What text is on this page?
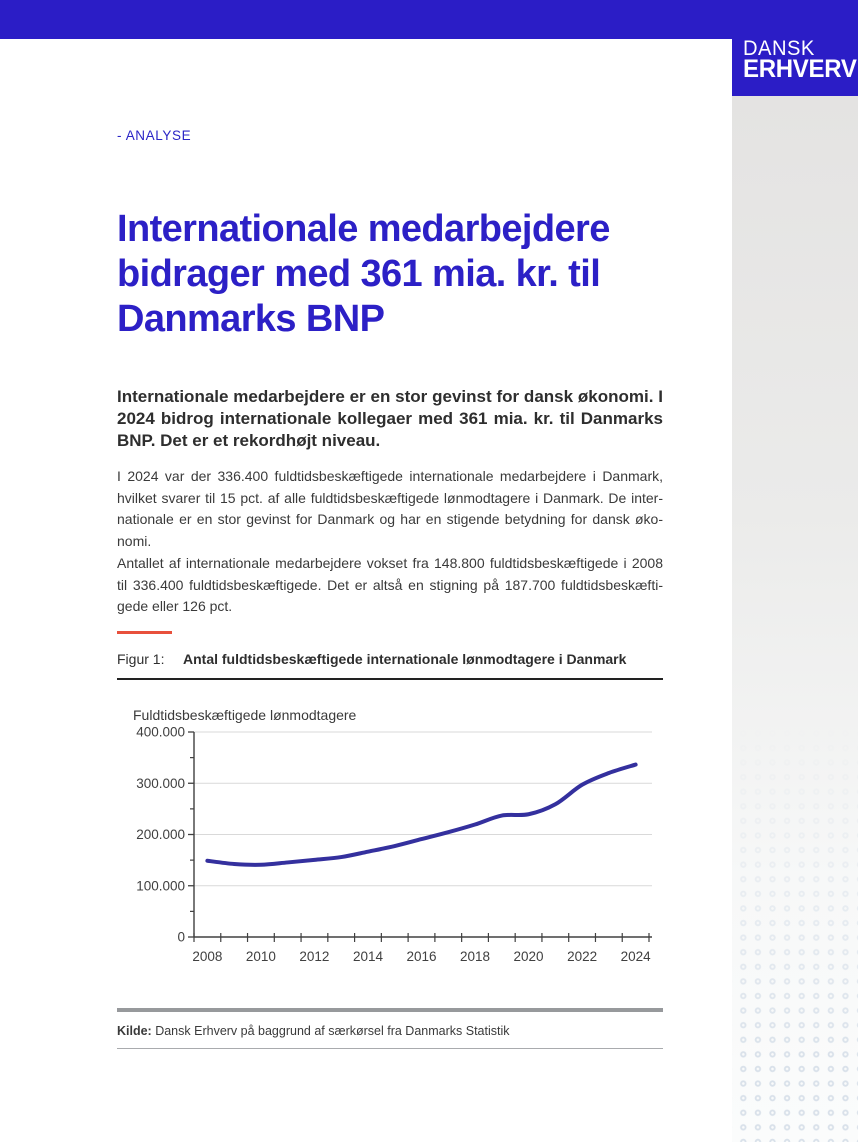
DANSK
ERHVERV
- ANALYSE
Internationale medarbejdere
bidrager med 361 mia. kr. til
Danmarks BNP
Internationale medarbejdere er en stor gevinst for dansk økonomi. I
2024 bidrog internationale kollegaer med 361 mia. kr. til Danmarks
BNP. Det er et rekordhøjt niveau.
I 2024 var der 336.400 fuldtidsbeskæftigede internationale medarbejdere i Danmark,
hvilket svarer til 15 pct. af alle fuldtidsbeskæftigede lønmodtagere i Danmark. De inter-
nationale er en stor gevinst for Danmark og har en stigende betydning for dansk øko-
nomi.
Antallet af internationale medarbejdere vokset fra 148.800 fuldtidsbeskæftigede i 2008
til 336.400 fuldtidsbeskæftigede. Det er altså en stigning på 187.700 fuldtidsbeskæfti-
gede eller 126 pct.
Figur 1: Antal fuldtidsbeskæftigede internationale lønmodtagere i Danmark
Fuldtidsbeskæftigede lønmodtagere
0
100.000
200.000
300.000
400.000
2008 2010 2012 2014 2016 2018 2020 2022 2024
Kilde: Dansk Erhverv på baggrund af særkørsel fra Danmarks Statistik
